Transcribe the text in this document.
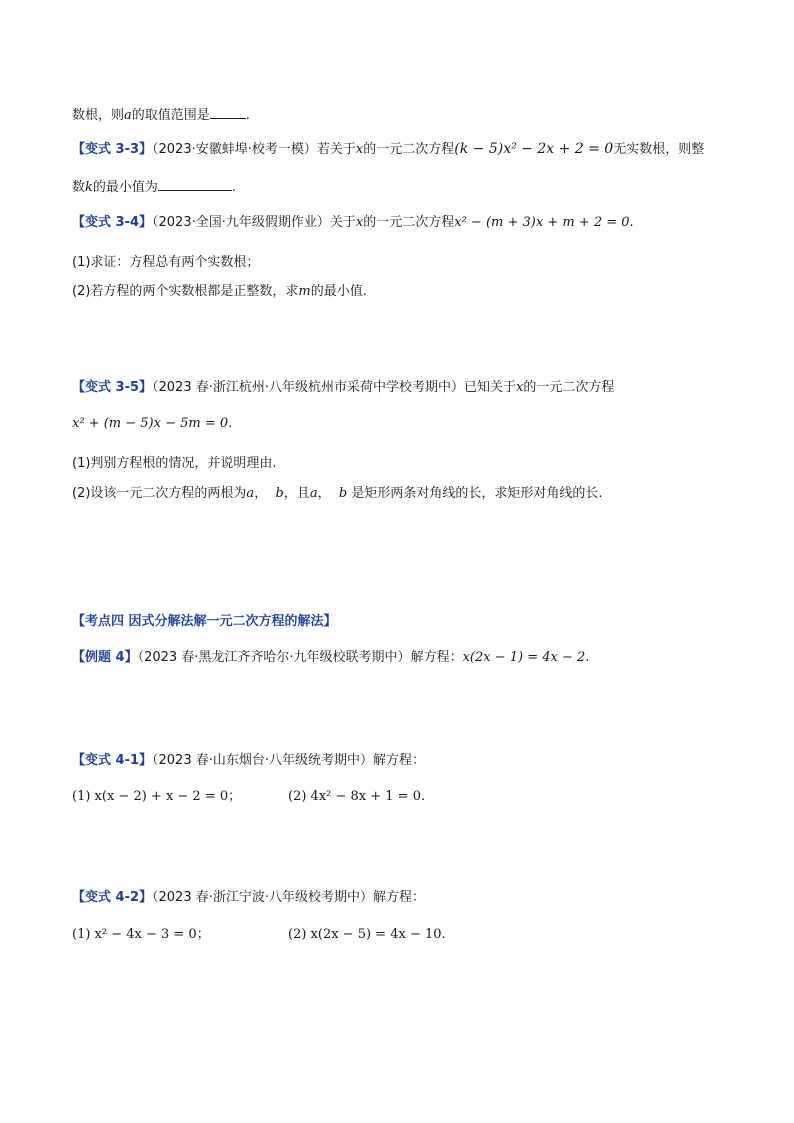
数根，则a的取值范围是	.
【变式 3-3】（2023·安徽蚌埠·校考一模）若关于x的一元二次方程(k − 5)x² − 2x + 2 = 0无实数根，则整
数k的最小值为	.
【变式 3-4】（2023·全国·九年级假期作业）关于x的一元二次方程x² − (m + 3)x + m + 2 = 0.
(1)求证：方程总有两个实数根；
(2)若方程的两个实数根都是正整数，求m的最小值.
【变式 3-5】（2023 春·浙江杭州·八年级杭州市采荷中学校考期中）已知关于x的一元二次方程
x² + (m − 5)x − 5m = 0.
(1)判别方程根的情况，并说明理由.
(2)设该一元二次方程的两根为a， b，且a， b 是矩形两条对角线的长，求矩形对角线的长.
【考点四 因式分解法解一元二次方程的解法】
【例题 4】（2023 春·黑龙江齐齐哈尔·九年级校联考期中）解方程：x(2x − 1) = 4x − 2.
【变式 4-1】（2023 春·山东烟台·八年级统考期中）解方程：
(1) x(x − 2) + x − 2 = 0；	(2) 4x² − 8x + 1 = 0.
【变式 4-2】（2023 春·浙江宁波·八年级校考期中）解方程：
(1) x² − 4x − 3 = 0；	(2) x(2x − 5) = 4x − 10.
